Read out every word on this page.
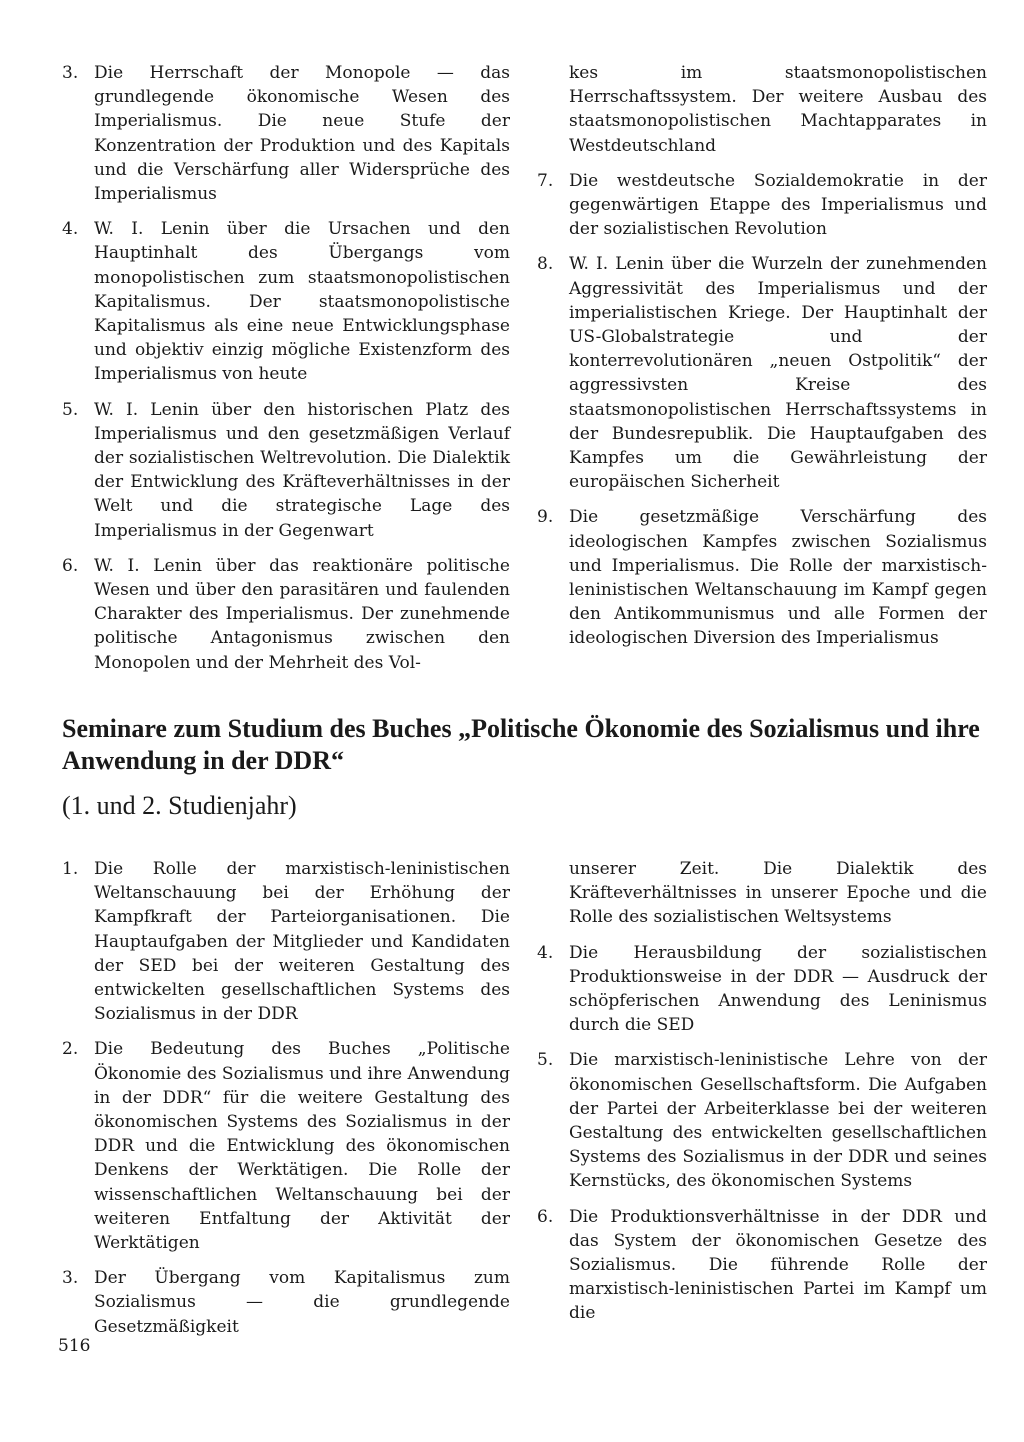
3. Die Herrschaft der Monopole — das grundlegende ökonomische Wesen des Imperialismus. Die neue Stufe der Konzentration der Produktion und des Kapitals und die Verschärfung aller Widersprüche des Imperialismus
4. W. I. Lenin über die Ursachen und den Hauptinhalt des Übergangs vom monopolistischen zum staatsmonopolistischen Kapitalismus. Der staatsmonopolistische Kapitalismus als eine neue Entwicklungsphase und objektiv einzig mögliche Existenzform des Imperialismus von heute
5. W. I. Lenin über den historischen Platz des Imperialismus und den gesetzmäßigen Verlauf der sozialistischen Weltrevolution. Die Dialektik der Entwicklung des Kräfteverhältnisses in der Welt und die strategische Lage des Imperialismus in der Gegenwart
6. W. I. Lenin über das reaktionäre politische Wesen und über den parasitären und faulenden Charakter des Imperialismus. Der zunehmende politische Antagonismus zwischen den Monopolen und der Mehrheit des Vol-
kes im staatsmonopolistischen Herrschaftssystem. Der weitere Ausbau des staatsmonopolistischen Machtapparates in Westdeutschland
7. Die westdeutsche Sozialdemokratie in der gegenwärtigen Etappe des Imperialismus und der sozialistischen Revolution
8. W. I. Lenin über die Wurzeln der zunehmenden Aggressivität des Imperialismus und der imperialistischen Kriege. Der Hauptinhalt der US-Globalstrategie und der konterrevolutionären „neuen Ostpolitik“ der aggressivsten Kreise des staatsmonopolistischen Herrschaftssystems in der Bundesrepublik. Die Hauptaufgaben des Kampfes um die Gewährleistung der europäischen Sicherheit
9. Die gesetzmäßige Verschärfung des ideologischen Kampfes zwischen Sozialismus und Imperialismus. Die Rolle der marxistisch-leninistischen Weltanschauung im Kampf gegen den Antikommunismus und alle Formen der ideologischen Diversion des Imperialismus
Seminare zum Studium des Buches „Politische Ökonomie des Sozialismus und ihre Anwendung in der DDR“
(1. und 2. Studienjahr)
1. Die Rolle der marxistisch-leninistischen Weltanschauung bei der Erhöhung der Kampfkraft der Parteiorganisationen. Die Hauptaufgaben der Mitglieder und Kandidaten der SED bei der weiteren Gestaltung des entwickelten gesellschaftlichen Systems des Sozialismus in der DDR
2. Die Bedeutung des Buches „Politische Ökonomie des Sozialismus und ihre Anwendung in der DDR“ für die weitere Gestaltung des ökonomischen Systems des Sozialismus in der DDR und die Entwicklung des ökonomischen Denkens der Werktätigen. Die Rolle der wissenschaftlichen Weltanschauung bei der weiteren Entfaltung der Aktivität der Werktätigen
3. Der Übergang vom Kapitalismus zum Sozialismus — die grundlegende Gesetzmäßigkeit
unserer Zeit. Die Dialektik des Kräfteverhältnisses in unserer Epoche und die Rolle des sozialistischen Weltsystems
4. Die Herausbildung der sozialistischen Produktionsweise in der DDR — Ausdruck der schöpferischen Anwendung des Leninismus durch die SED
5. Die marxistisch-leninistische Lehre von der ökonomischen Gesellschaftsform. Die Aufgaben der Partei der Arbeiterklasse bei der weiteren Gestaltung des entwickelten gesellschaftlichen Systems des Sozialismus in der DDR und seines Kernstücks, des ökonomischen Systems
6. Die Produktionsverhältnisse in der DDR und das System der ökonomischen Gesetze des Sozialismus. Die führende Rolle der marxistisch-leninistischen Partei im Kampf um die
516
